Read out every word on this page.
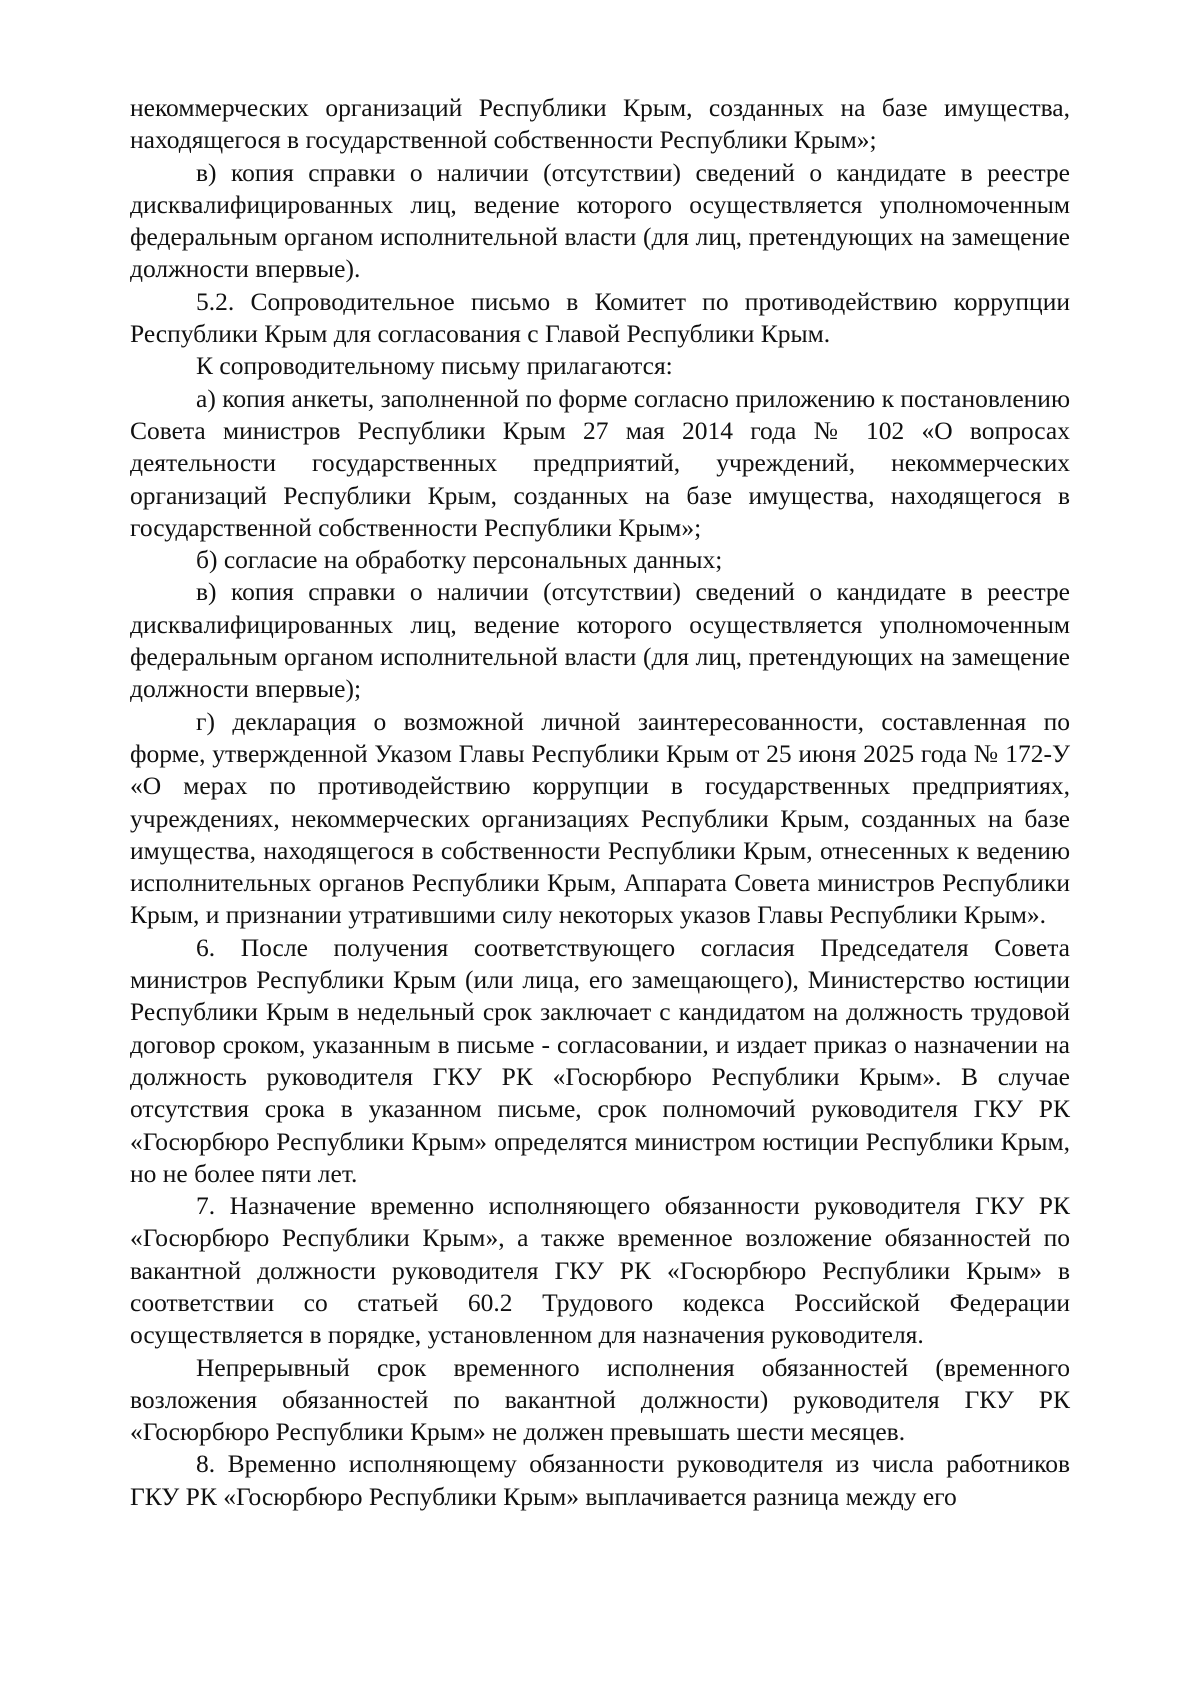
некоммерческих организаций Республики Крым, созданных на базе имущества, находящегося в государственной собственности Республики Крым»;

в) копия справки о наличии (отсутствии) сведений о кандидате в реестре дисквалифицированных лиц, ведение которого осуществляется уполномоченным федеральным органом исполнительной власти (для лиц, претендующих на замещение должности впервые).

5.2. Сопроводительное письмо в Комитет по противодействию коррупции Республики Крым для согласования с Главой Республики Крым.

К сопроводительному письму прилагаются:

а) копия анкеты, заполненной по форме согласно приложению к постановлению Совета министров Республики Крым 27 мая 2014 года № 102 «О вопросах деятельности государственных предприятий, учреждений, некоммерческих организаций Республики Крым, созданных на базе имущества, находящегося в государственной собственности Республики Крым»;

б) согласие на обработку персональных данных;

в) копия справки о наличии (отсутствии) сведений о кандидате в реестре дисквалифицированных лиц, ведение которого осуществляется уполномоченным федеральным органом исполнительной власти (для лиц, претендующих на замещение должности впервые);

г) декларация о возможной личной заинтересованности, составленная по форме, утвержденной Указом Главы Республики Крым от 25 июня 2025 года № 172-У «О мерах по противодействию коррупции в государственных предприятиях, учреждениях, некоммерческих организациях Республики Крым, созданных на базе имущества, находящегося в собственности Республики Крым, отнесенных к ведению исполнительных органов Республики Крым, Аппарата Совета министров Республики Крым, и признании утратившими силу некоторых указов Главы Республики Крым».

6. После получения соответствующего согласия Председателя Совета министров Республики Крым (или лица, его замещающего), Министерство юстиции Республики Крым в недельный срок заключает с кандидатом на должность трудовой договор сроком, указанным в письме - согласовании, и издает приказ о назначении на должность руководителя ГКУ РК «Госюрбюро Республики Крым». В случае отсутствия срока в указанном письме, срок полномочий руководителя ГКУ РК «Госюрбюро Республики Крым» определятся министром юстиции Республики Крым, но не более пяти лет.

7. Назначение временно исполняющего обязанности руководителя ГКУ РК «Госюрбюро Республики Крым», а также временное возложение обязанностей по вакантной должности руководителя ГКУ РК «Госюрбюро Республики Крым» в соответствии со статьей 60.2 Трудового кодекса Российской Федерации осуществляется в порядке, установленном для назначения руководителя.

Непрерывный срок временного исполнения обязанностей (временного возложения обязанностей по вакантной должности) руководителя ГКУ РК «Госюрбюро Республики Крым» не должен превышать шести месяцев.

8. Временно исполняющему обязанности руководителя из числа работников ГКУ РК «Госюрбюро Республики Крым» выплачивается разница между его
